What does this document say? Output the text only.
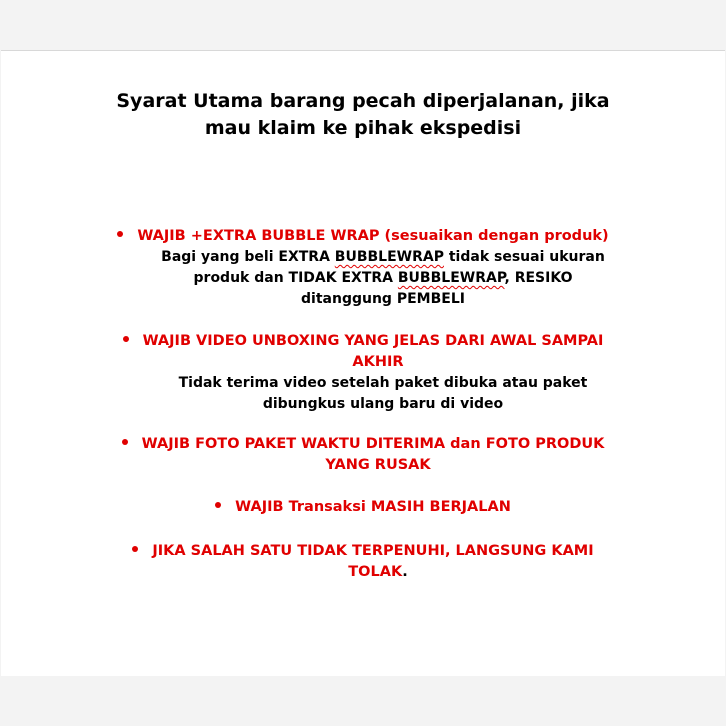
Syarat Utama barang pecah diperjalanan, jika
mau klaim ke pihak ekspedisi
WAJIB +EXTRA BUBBLE WRAP (sesuaikan dengan produk)
Bagi yang beli EXTRA BUBBLEWRAP tidak sesuai ukuran
produk dan TIDAK EXTRA BUBBLEWRAP, RESIKO
ditanggung PEMBELI
WAJIB VIDEO UNBOXING YANG JELAS DARI AWAL SAMPAI
AKHIR
Tidak terima video setelah paket dibuka atau paket
dibungkus ulang baru di video
WAJIB FOTO PAKET WAKTU DITERIMA dan FOTO PRODUK
YANG RUSAK
WAJIB Transaksi MASIH BERJALAN
JIKA SALAH SATU TIDAK TERPENUHI, LANGSUNG KAMI
TOLAK.
